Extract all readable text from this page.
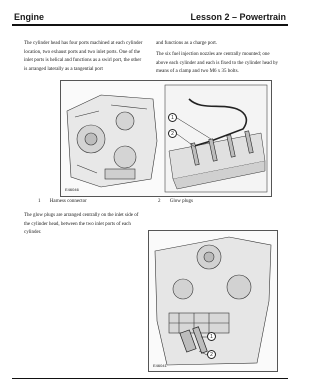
Engine	Lesson 2 – Powertrain

The cylinder head has four ports machined at each cylinder location, two exhaust ports and two inlet ports. One of the inlet ports is helical and functions as a swirl port, the other is arranged laterally as a tangential port

and functions as a charge port.

The six fuel injection nozzles are centrally mounted; one above each cylinder and each is fixed to the cylinder head by means of a clamp and two M6 x 35 bolts.

1
2
E46046
1 Harness connector	2 Glow plugs

The glow plugs are arranged centrally on the inlet side of the cylinder head, between the two inlet ports of each cylinder.

1
2
E46041
